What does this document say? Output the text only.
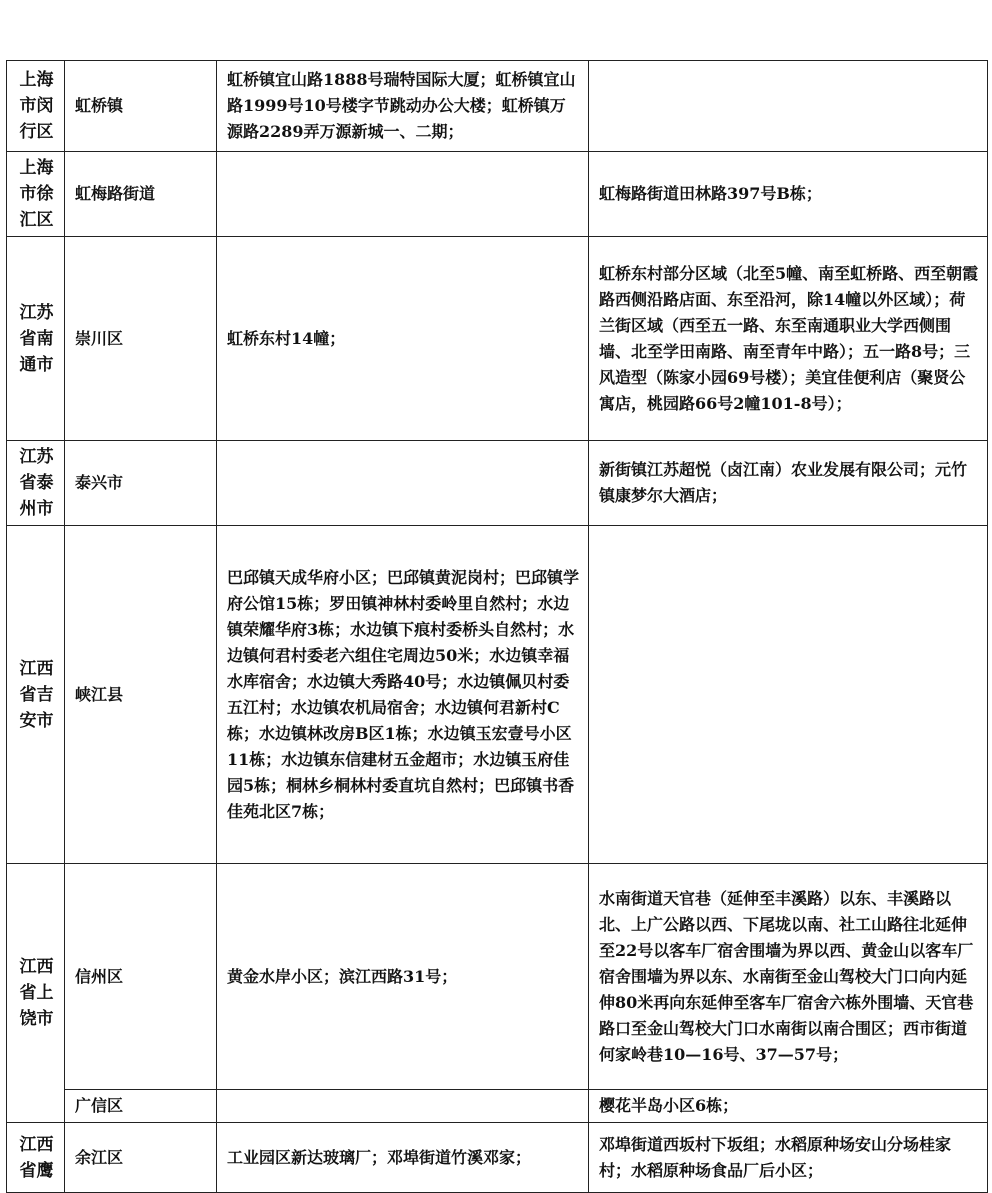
上海市闵行区	虹桥镇	虹桥镇宜山路1888号瑞特国际大厦；虹桥镇宜山路1999号10号楼字节跳动办公大楼；虹桥镇万源路2289弄万源新城一、二期；	
上海市徐汇区	虹梅路街道		虹梅路街道田林路397号B栋；
江苏省南通市	崇川区	虹桥东村14幢；	虹桥东村部分区域（北至5幢、南至虹桥路、西至朝霞路西侧沿路店面、东至沿河，除14幢以外区域）；荷兰街区域（西至五一路、东至南通职业大学西侧围墙、北至学田南路、南至青年中路）；五一路8号；三风造型（陈家小园69号楼）；美宜佳便利店（聚贤公寓店，桃园路66号2幢101-8号）；
江苏省泰州市	泰兴市		新街镇江苏超悦（卤江南）农业发展有限公司；元竹镇康梦尔大酒店；
江西省吉安市	峡江县	巴邱镇天成华府小区；巴邱镇黄泥岗村；巴邱镇学府公馆15栋；罗田镇神林村委岭里自然村；水边镇荣耀华府3栋；水边镇下痕村委桥头自然村；水边镇何君村委老六组住宅周边50米；水边镇幸福水库宿舍；水边镇大秀路40号；水边镇佩贝村委五江村；水边镇农机局宿舍；水边镇何君新村C栋；水边镇林改房B区1栋；水边镇玉宏壹号小区11栋；水边镇东信建材五金超市；水边镇玉府佳园5栋；桐林乡桐林村委直坑自然村；巴邱镇书香佳苑北区7栋；	
江西省上饶市	信州区	黄金水岸小区；滨江西路31号；	水南街道天官巷（延伸至丰溪路）以东、丰溪路以北、上广公路以西、下尾垅以南、社工山路往北延伸至22号以客车厂宿舍围墙为界以西、黄金山以客车厂宿舍围墙为界以东、水南街至金山驾校大门口向内延伸80米再向东延伸至客车厂宿舍六栋外围墙、天官巷路口至金山驾校大门口水南街以南合围区；西市街道何家岭巷10—16号、37—57号；
	广信区		樱花半岛小区6栋；
江西省鹰	余江区	工业园区新达玻璃厂；邓埠街道竹溪邓家；	邓埠街道西坂村下坂组；水稻原种场安山分场桂家村；水稻原种场食品厂后小区；
